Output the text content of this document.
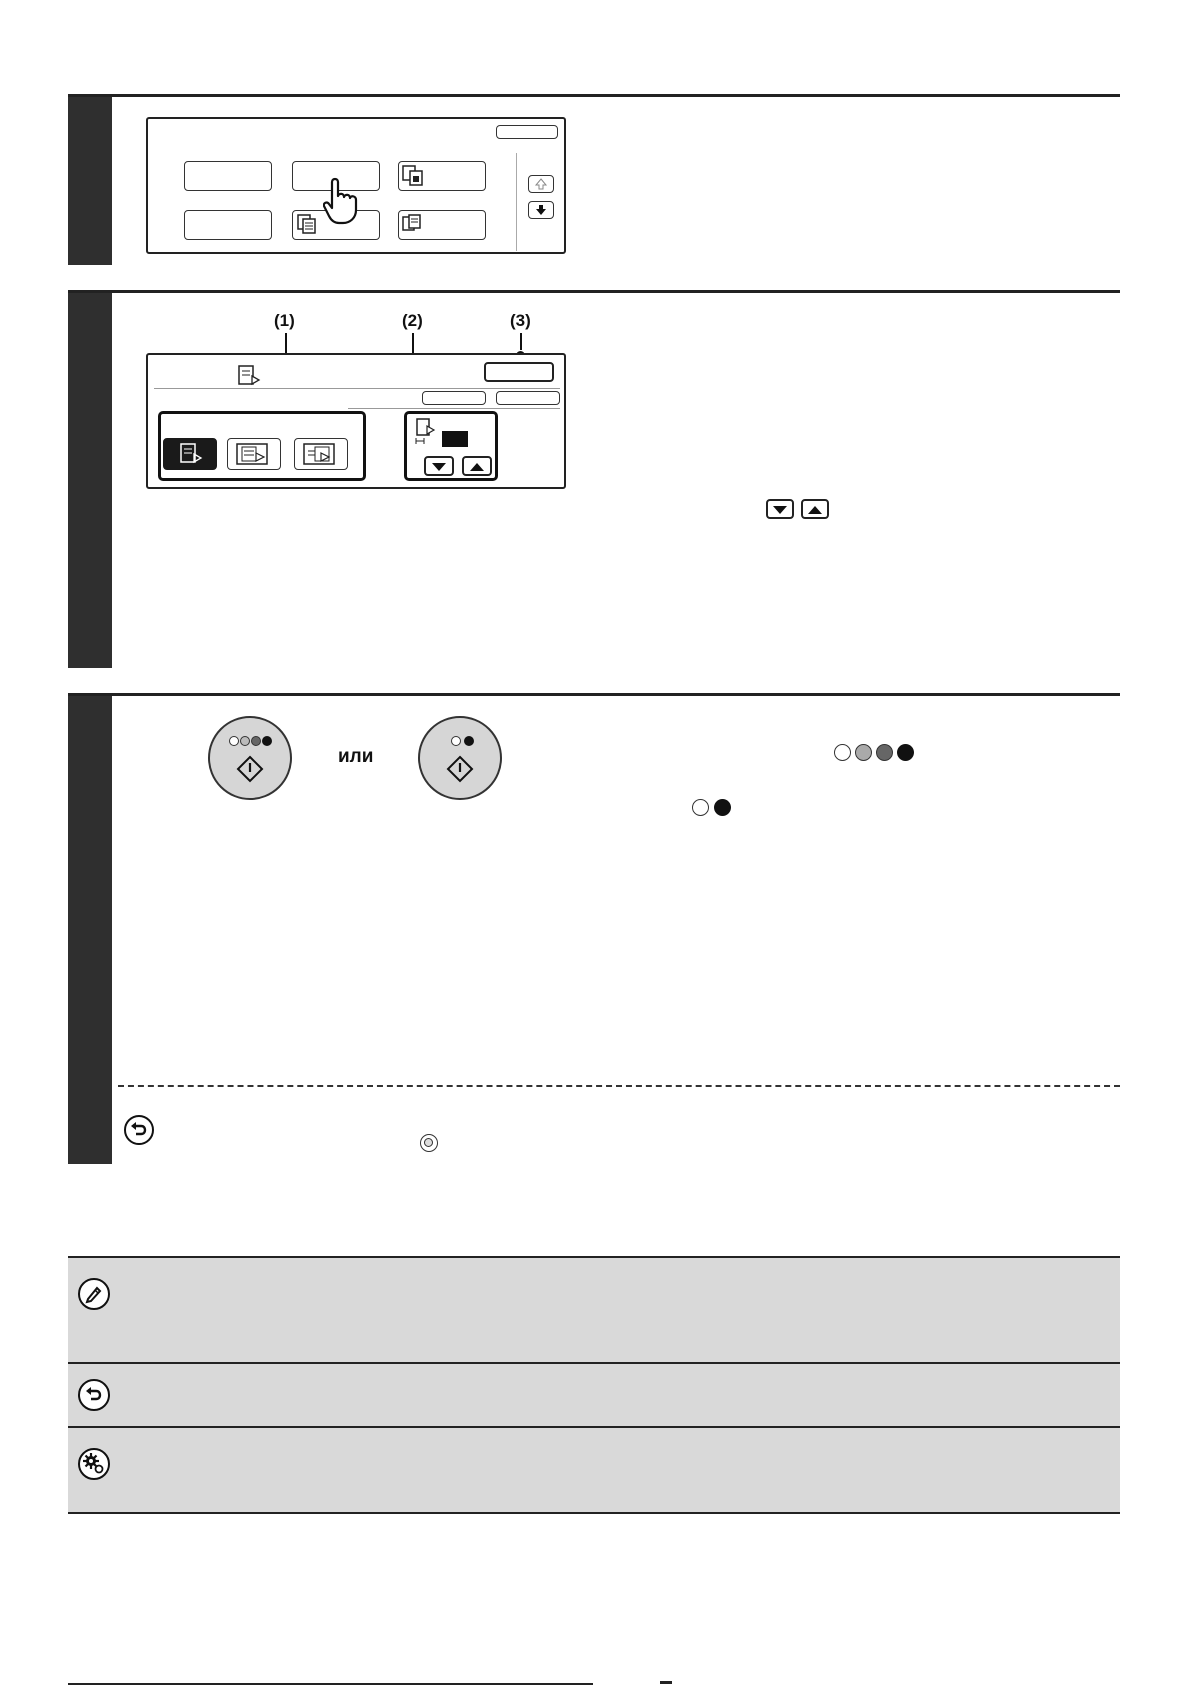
(1)	(2)	(3)
или
